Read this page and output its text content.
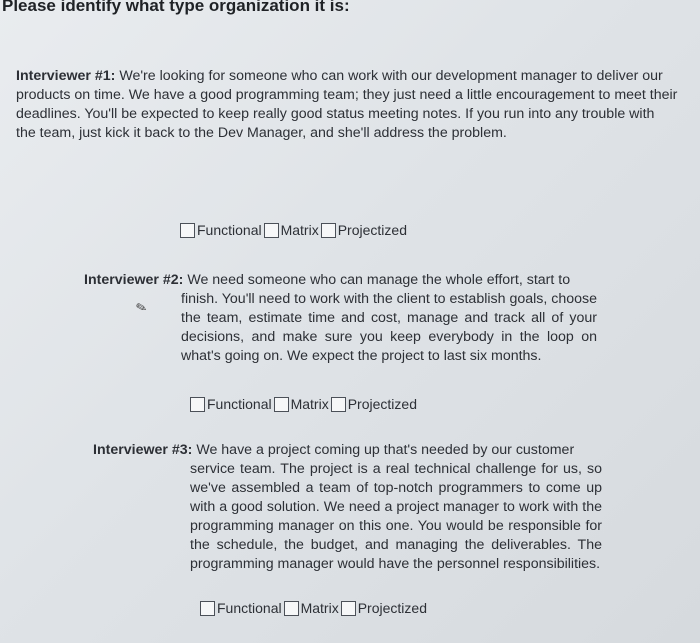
Please identify what type organization it is:
Interviewer #1: We're looking for someone who can work with our development manager to deliver our
products on time. We have a good programming team; they just need a little encouragement to meet their
deadlines. You'll be expected to keep really good status meeting notes. If you run into any trouble with
the team, just kick it back to the Dev Manager, and she'll address the problem.
Functional Matrix Projectized
Interviewer #2: We need someone who can manage the whole effort, start to
finish. You'll need to work with the client to establish goals, choose the team, estimate time and cost, manage and track all of your decisions, and make sure you keep everybody in the loop on what's going on. We expect the project to last six months.
✎
Functional Matrix Projectized
Interviewer #3: We have a project coming up that's needed by our customer
service team. The project is a real technical challenge for us, so we've assembled a team of top-notch programmers to come up with a good solution. We need a project manager to work with the programming manager on this one. You would be responsible for the schedule, the budget, and managing the deliverables. The programming manager would have the personnel responsibilities.
Functional Matrix Projectized
